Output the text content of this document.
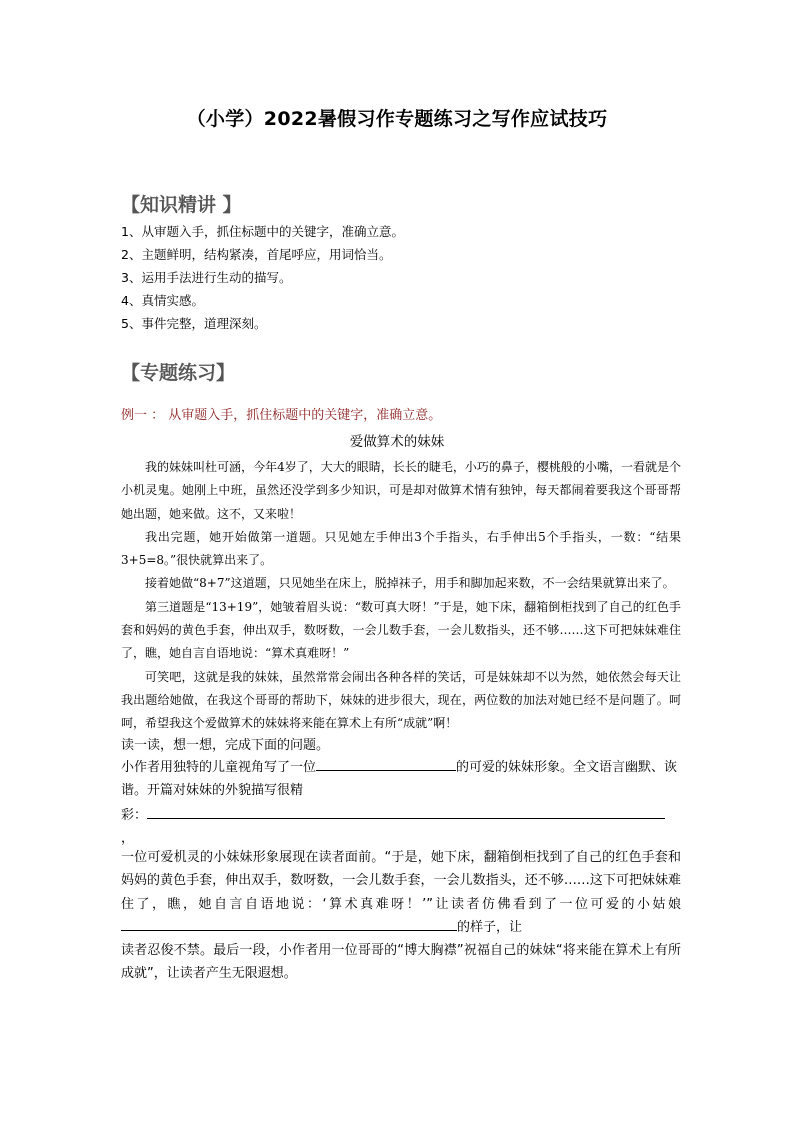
（小学）2022暑假习作专题练习之写作应试技巧
【知识精讲 】
1、从审题入手，抓住标题中的关键字，准确立意。
2、主题鲜明，结构紧凑，首尾呼应，用词恰当。
3、运用手法进行生动的描写。
4、真情实感。
5、事件完整，道理深刻。
【专题练习】
例一 ： 从审题入手，抓住标题中的关键字，准确立意。
爱做算术的妹妹

我的妹妹叫杜可涵，今年4岁了，大大的眼睛，长长的睫毛，小巧的鼻子，樱桃般的小嘴，一看就是个小机灵鬼。她刚上中班，虽然还没学到多少知识，可是却对做算术情有独钟，每天都闹着要我这个哥哥帮她出题，她来做。这不，又来啦！

我出完题，她开始做第一道题。只见她左手伸出3个手指头，右手伸出5个手指头，一数：“结果3+5=8。”很快就算出来了。

接着她做“8+7”这道题，只见她坐在床上，脱掉袜子，用手和脚加起来数，不一会结果就算出来了。

第三道题是“13+19”，她皱着眉头说：“数可真大呀！”于是，她下床，翻箱倒柜找到了自己的红色手套和妈妈的黄色手套，伸出双手，数呀数，一会儿数手套，一会儿数指头，还不够……这下可把妹妹难住了，瞧，她自言自语地说：“算术真难呀！”

可笑吧，这就是我的妹妹，虽然常常会闹出各种各样的笑话，可是妹妹却不以为然，她依然会每天让我出题给她做，在我这个哥哥的帮助下，妹妹的进步很大，现在，两位数的加法对她已经不是问题了。呵呵，希望我这个爱做算术的妹妹将来能在算术上有所“成就”啊！

读一读，想一想，完成下面的问题。
小作者用独特的儿童视角写了一位	的可爱的妹妹形象。全文语言幽默、诙谐。开篇对妹妹的外貌描写很精
彩：
，
一位可爱机灵的小妹妹形象展现在读者面前。“于是，她下床，翻箱倒柜找到了自己的红色手套和妈妈的黄色手套，伸出双手，数呀数，一会儿数手套，一会儿数指头，还不够……这下可把妹妹难住了，瞧，她自言自语地说：‘算术真难呀！’”让读者仿佛看到了一位可爱的小姑娘的样子，让
读者忍俊不禁。最后一段，小作者用一位哥哥的“博大胸襟”祝福自己的妹妹“将来能在算术上有所成就”，让读者产生无限遐想。
